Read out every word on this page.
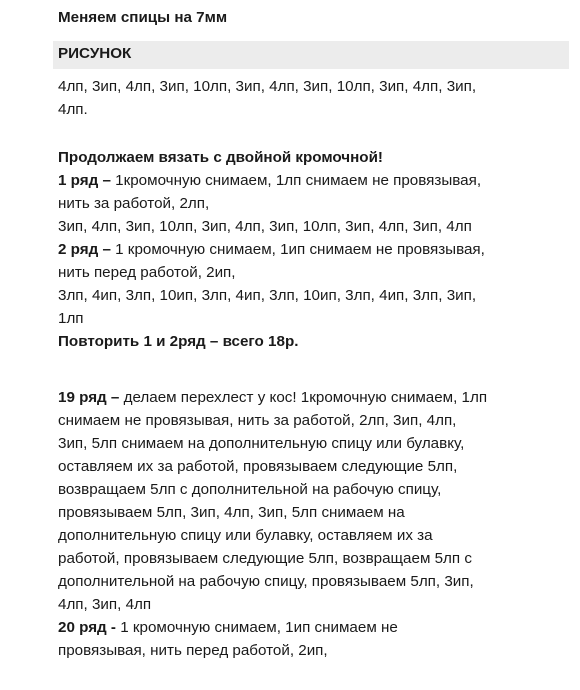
Меняем спицы на 7мм
РИСУНОК

4лп, 3ип, 4лп, 3ип, 10лп, 3ип, 4лп, 3ип, 10лп, 3ип, 4лп, 3ип,

4лп.

Продолжаем вязать с двойной кромочной!

1 ряд – 1кромочную снимаем, 1лп снимаем не провязывая,

нить за работой, 2лп,

3ип, 4лп, 3ип, 10лп, 3ип, 4лп, 3ип, 10лп, 3ип, 4лп, 3ип, 4лп

2 ряд – 1 кромочную снимаем, 1ип снимаем не провязывая,

нить перед работой, 2ип,

3лп, 4ип, 3лп, 10ип, 3лп, 4ип, 3лп, 10ип, 3лп, 4ип, 3лп, 3ип,

1лп

Повторить 1 и 2ряд – всего 18р.

19 ряд – делаем перехлест у кос! 1кромочную снимаем, 1лп

снимаем не провязывая, нить за работой, 2лп, 3ип, 4лп,

3ип, 5лп снимаем на дополнительную спицу или булавку,

оставляем их за работой, провязываем следующие 5лп,

возвращаем 5лп с дополнительной на рабочую спицу,

провязываем 5лп, 3ип, 4лп, 3ип, 5лп снимаем на

дополнительную спицу или булавку, оставляем их за

работой, провязываем следующие 5лп, возвращаем 5лп с

дополнительной на рабочую спицу, провязываем 5лп, 3ип,

4лп, 3ип, 4лп

20 ряд - 1 кромочную снимаем, 1ип снимаем не

провязывая, нить перед работой, 2ип,
